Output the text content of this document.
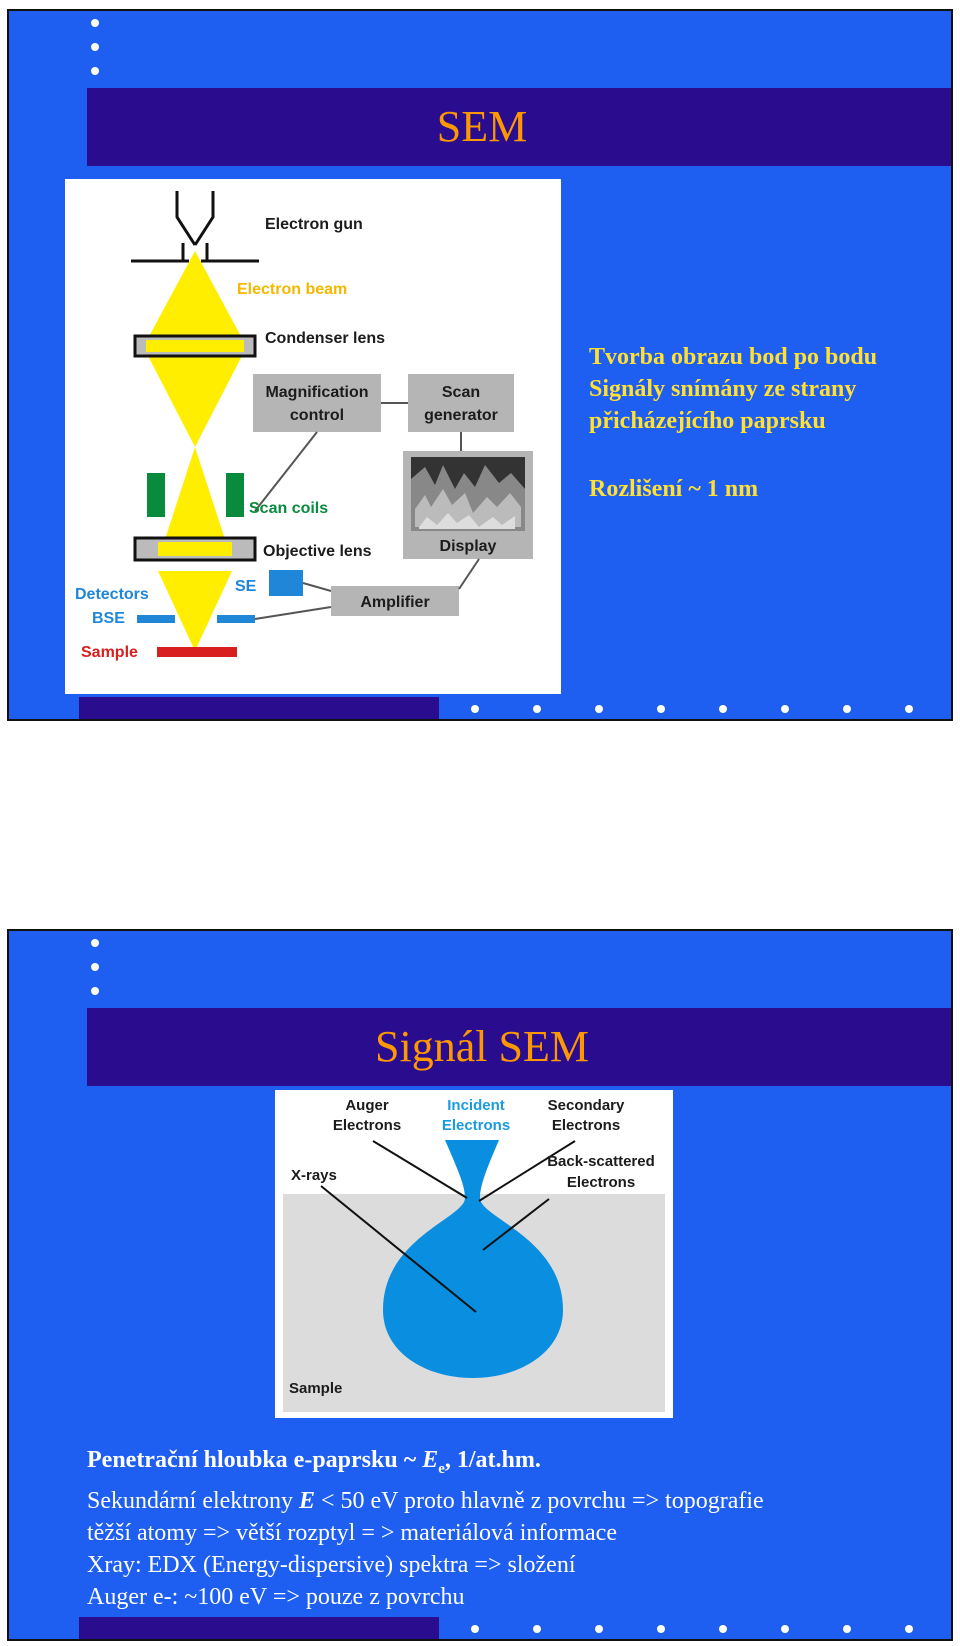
SEM
Electron gun
Electron beam
Condenser lens
Magnification
control
Scan
generator
Display
Scan coils
Objective lens
SE
Amplifier
Detectors
BSE
Sample

Tvorba obrazu bod po bodu

Signály snímány ze strany

přicházejícího paprsku

Rozlišení ~ 1 nm

Signál SEM
Auger
Electrons
Incident
Electrons
Secondary
Electrons
X-rays
Back-scattered
Electrons
Sample

Penetrační hloubka e-paprsku ~ $E_e$, 1/at.hm.

Sekundární elektrony E < 50 eV proto hlavně z povrchu => topografie

těžší atomy => větší rozptyl = > materiálová informace

Xray: EDX (Energy-dispersive) spektra => složení

Auger e-: ~100 eV => pouze z povrchu
